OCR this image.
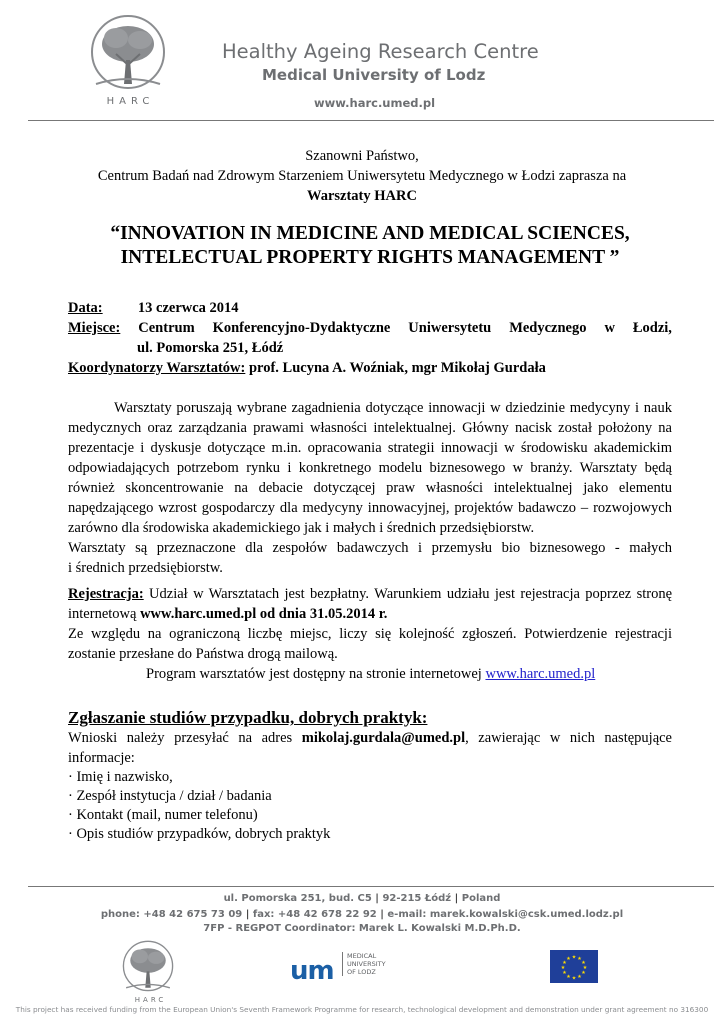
HARC
Healthy Ageing Research Centre
Medical University of Lodz
www.harc.umed.pl
Szanowni Państwo,
Centrum Badań nad Zdrowym Starzeniem Uniwersytetu Medycznego w Łodzi zaprasza na
Warsztaty HARC
“INNOVATION IN MEDICINE AND MEDICAL SCIENCES,
INTELECTUAL PROPERTY RIGHTS MANAGEMENT ”
Data: 13 czerwca 2014
Miejsce: Centrum Konferencyjno-Dydaktyczne Uniwersytetu Medycznego w Łodzi,
ul. Pomorska 251, Łódź
Koordynatorzy Warsztatów: prof. Lucyna A. Woźniak, mgr Mikołaj Gurdała
Warsztaty poruszają wybrane zagadnienia dotyczące innowacji w dziedzinie medycyny i nauk
medycznych oraz zarządzania prawami własności intelektualnej. Główny nacisk został położony na
prezentacje i dyskusje dotyczące m.in. opracowania strategii innowacji w środowisku akademickim
odpowiadających potrzebom rynku i konkretnego modelu biznesowego w branży. Warsztaty będą
również skoncentrowanie na debacie dotyczącej praw własności intelektualnej jako elementu
napędzającego wzrost gospodarczy dla medycyny innowacyjnej, projektów badawczo – rozwojowych
zarówno dla środowiska akademickiego jak i małych i średnich przedsiębiorstw.
Warsztaty są przeznaczone dla zespołów badawczych i przemysłu bio biznesowego - małych
i średnich przedsiębiorstw.
Rejestracja: Udział w Warsztatach jest bezpłatny. Warunkiem udziału jest rejestracja poprzez stronę
internetową www.harc.umed.pl od dnia 31.05.2014 r.
Ze względu na ograniczoną liczbę miejsc, liczy się kolejność zgłoszeń. Potwierdzenie rejestracji
zostanie przesłane do Państwa drogą mailową.
Program warsztatów jest dostępny na stronie internetowej www.harc.umed.pl
Zgłaszanie studiów przypadku, dobrych praktyk:
Wnioski należy przesyłać na adres mikolaj.gurdala@umed.pl, zawierając w nich następujące
informacje:
· Imię i nazwisko,
· Zespół instytucja / dział / badania
· Kontakt (mail, numer telefonu)
· Opis studiów przypadków, dobrych praktyk
ul. Pomorska 251, bud. C5 | 92-215 Łódź | Poland
phone: +48 42 675 73 09 | fax: +48 42 678 22 92 | e-mail: marek.kowalski@csk.umed.lodz.pl
7FP - REGPOT Coordinator: Marek L. Kowalski M.D.Ph.D.
HARC
um MEDICAL
UNIVERSITY
OF LODZ
★ ★
★
★
★
★
★
★
★
★
★
★
This project has received funding from the European Union's Seventh Framework Programme for research, technological development and demonstration under grant agreement no 316300
